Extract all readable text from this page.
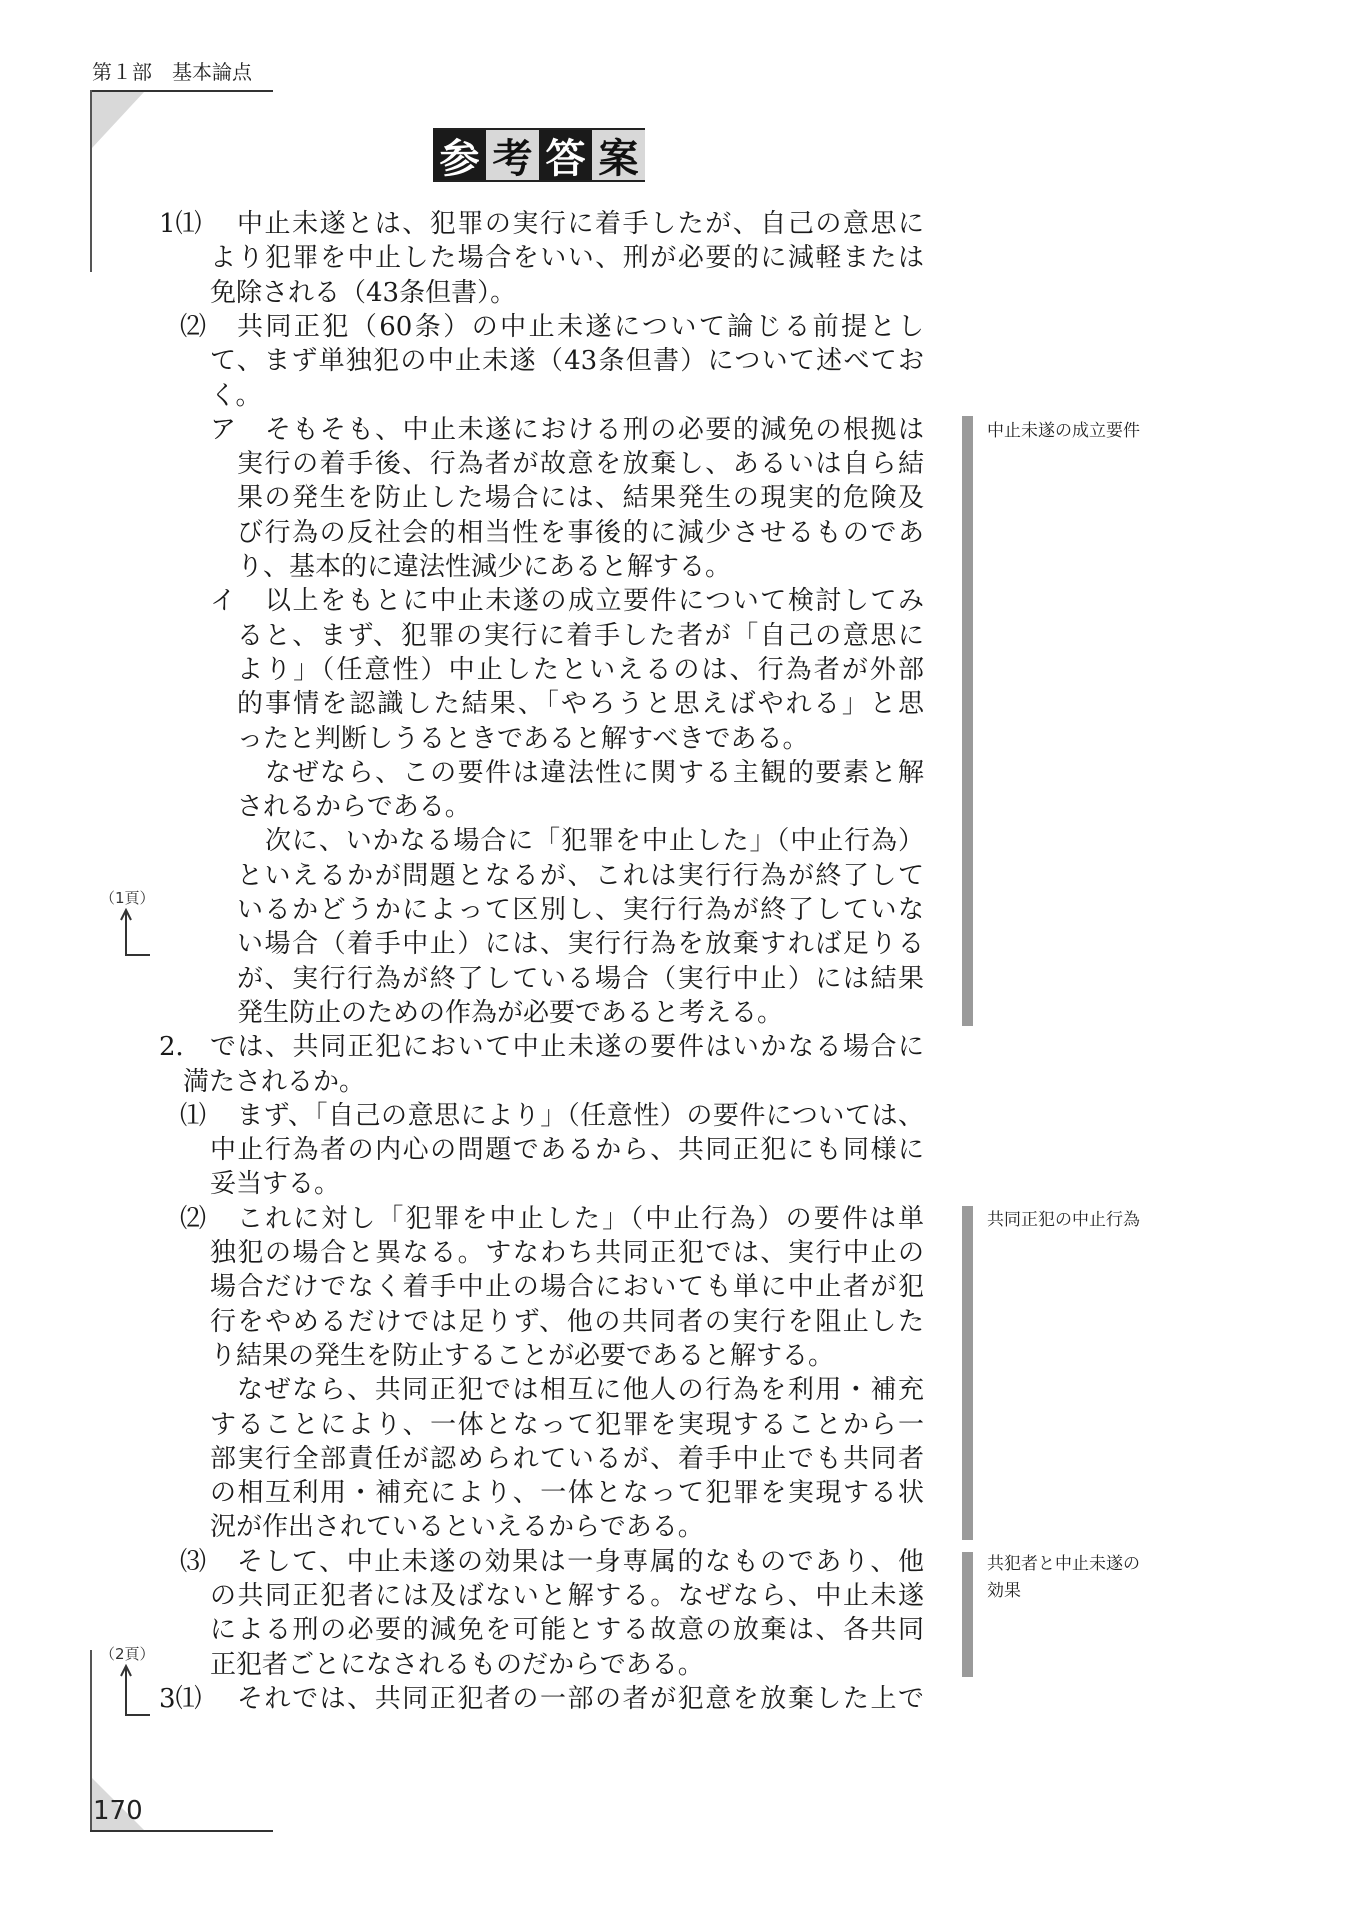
第１部　基本論点
参 考 答 案
1⑴ 中止未遂とは、犯罪の実行に着手したが、自己の意思に
より犯罪を中止した場合をいい、刑が必要的に減軽または
免除される（43条但書）。
⑵ 共同正犯（60条）の中止未遂について論じる前提とし
て、まず単独犯の中止未遂（43条但書）について述べてお
く。
ア そもそも、中止未遂における刑の必要的減免の根拠は
実行の着手後、行為者が故意を放棄し、あるいは自ら結
果の発生を防止した場合には、結果発生の現実的危険及
び行為の反社会的相当性を事後的に減少させるものであ
り、基本的に違法性減少にあると解する。
イ 以上をもとに中止未遂の成立要件について検討してみ
ると、まず、犯罪の実行に着手した者が「自己の意思に
より」（任意性）中止したといえるのは、行為者が外部
的事情を認識した結果、「やろうと思えばやれる」と思
ったと判断しうるときであると解すべきである。
なぜなら、この要件は違法性に関する主観的要素と解
されるからである。
次に、いかなる場合に「犯罪を中止した」（中止行為）
といえるかが問題となるが、これは実行行為が終了して
いるかどうかによって区別し、実行行為が終了していな
い場合（着手中止）には、実行行為を放棄すれば足りる
が、実行行為が終了している場合（実行中止）には結果
発生防止のための作為が必要であると考える。
2． では、共同正犯において中止未遂の要件はいかなる場合に
満たされるか。
⑴ まず、「自己の意思により」（任意性）の要件については、
中止行為者の内心の問題であるから、共同正犯にも同様に
妥当する。
⑵ これに対し「犯罪を中止した」（中止行為）の要件は単
独犯の場合と異なる。すなわち共同正犯では、実行中止の
場合だけでなく着手中止の場合においても単に中止者が犯
行をやめるだけでは足りず、他の共同者の実行を阻止した
り結果の発生を防止することが必要であると解する。
なぜなら、共同正犯では相互に他人の行為を利用・補充
することにより、一体となって犯罪を実現することから一
部実行全部責任が認められているが、着手中止でも共同者
の相互利用・補充により、一体となって犯罪を実現する状
況が作出されているといえるからである。
⑶ そして、中止未遂の効果は一身専属的なものであり、他
の共同正犯者には及ばないと解する。なぜなら、中止未遂
による刑の必要的減免を可能とする故意の放棄は、各共同
正犯者ごとになされるものだからである。
3⑴ それでは、共同正犯者の一部の者が犯意を放棄した上で
中止未遂の成立要件
共同正犯の中止行為
共犯者と中止未遂の
効果
（1頁）
（2頁）
170
